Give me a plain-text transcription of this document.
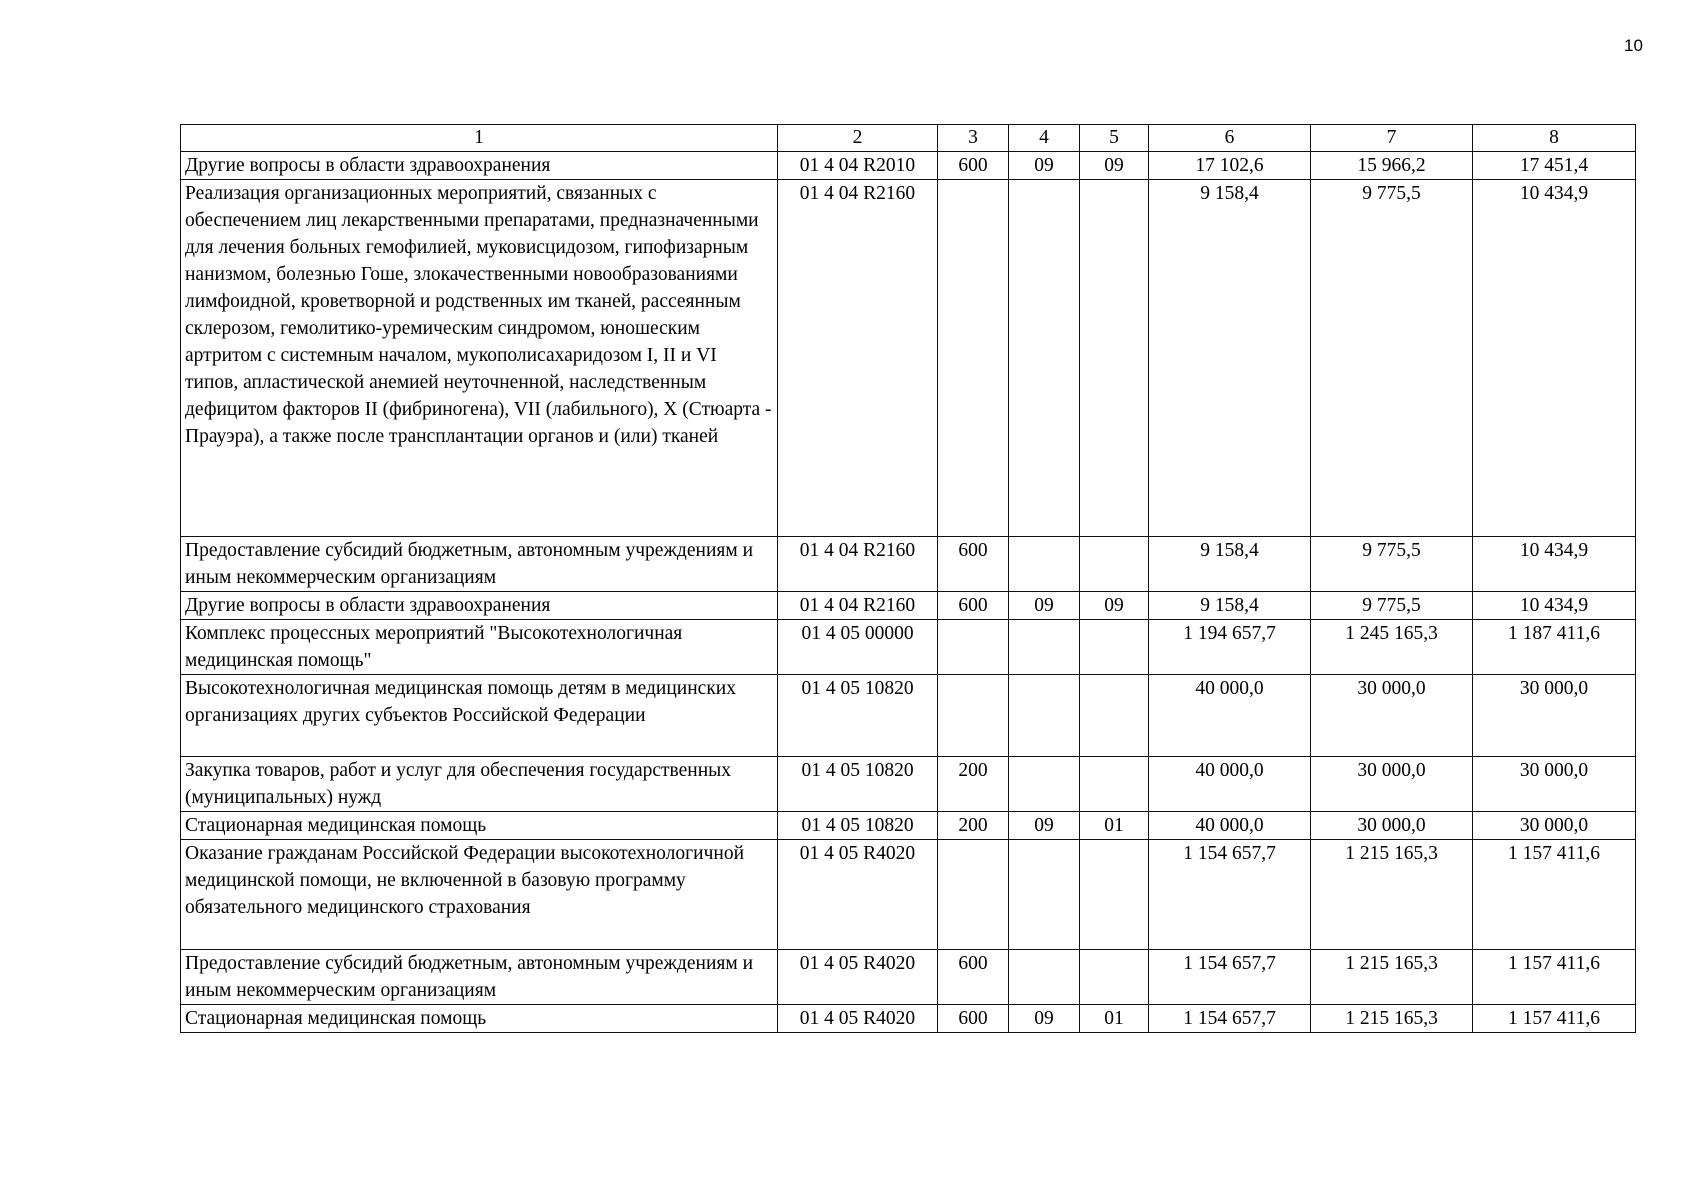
10
1	2	3	4	5	6	7	8
Другие вопросы в области здравоохранения	01 4 04 R2010	600	09	09	17 102,6	15 966,2	17 451,4
Реализация организационных мероприятий, связанных с обеспечением лиц лекарственными препаратами, предназначенными для лечения больных гемофилией, муковисцидозом, гипофизарным нанизмом, болезнью Гоше, злокачественными новообразованиями лимфоидной, кроветворной и родственных им тканей, рассеянным склерозом, гемолитико-уремическим синдромом, юношеским артритом с системным началом, мукополисахаридозом I, II и VI типов, апластической анемией неуточненной, наследственным дефицитом факторов II (фибриногена), VII (лабильного), X (Стюарта - Прауэра), а также после трансплантации органов и (или) тканей	01 4 04 R2160				9 158,4	9 775,5	10 434,9
Предоставление субсидий бюджетным, автономным учреждениям и иным некоммерческим организациям	01 4 04 R2160	600			9 158,4	9 775,5	10 434,9
Другие вопросы в области здравоохранения	01 4 04 R2160	600	09	09	9 158,4	9 775,5	10 434,9
Комплекс процессных мероприятий "Высокотехнологичная медицинская помощь"	01 4 05 00000				1 194 657,7	1 245 165,3	1 187 411,6
Высокотехнологичная медицинская помощь детям в медицинских организациях других субъектов Российской Федерации	01 4 05 10820				40 000,0	30 000,0	30 000,0
Закупка товаров, работ и услуг для обеспечения государственных (муниципальных) нужд	01 4 05 10820	200			40 000,0	30 000,0	30 000,0
Стационарная медицинская помощь	01 4 05 10820	200	09	01	40 000,0	30 000,0	30 000,0
Оказание гражданам Российской Федерации высокотехнологичной медицинской помощи, не включенной в базовую программу обязательного медицинского страхования	01 4 05 R4020				1 154 657,7	1 215 165,3	1 157 411,6
Предоставление субсидий бюджетным, автономным учреждениям и иным некоммерческим организациям	01 4 05 R4020	600			1 154 657,7	1 215 165,3	1 157 411,6
Стационарная медицинская помощь	01 4 05 R4020	600	09	01	1 154 657,7	1 215 165,3	1 157 411,6
